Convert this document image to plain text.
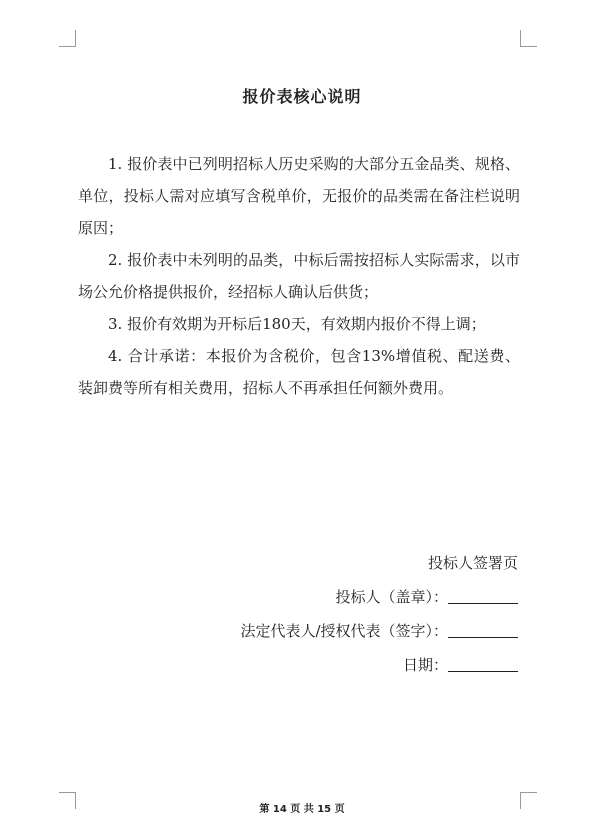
报价表核心说明

1. 报价表中已列明招标人历史采购的大部分五金品类、规格、单位，投标人需对应填写含税单价，无报价的品类需在备注栏说明原因；

2. 报价表中未列明的品类，中标后需按招标人实际需求，以市场公允价格提供报价，经招标人确认后供货；

3. 报价有效期为开标后180天，有效期内报价不得上调；

4. 合计承诺：本报价为含税价，包含13%增值税、配送费、装卸费等所有相关费用，招标人不再承担任何额外费用。

投标人签署页
投标人（盖章）：
法定代表人/授权代表（签字）：
日期：
第 14 页 共 15 页
